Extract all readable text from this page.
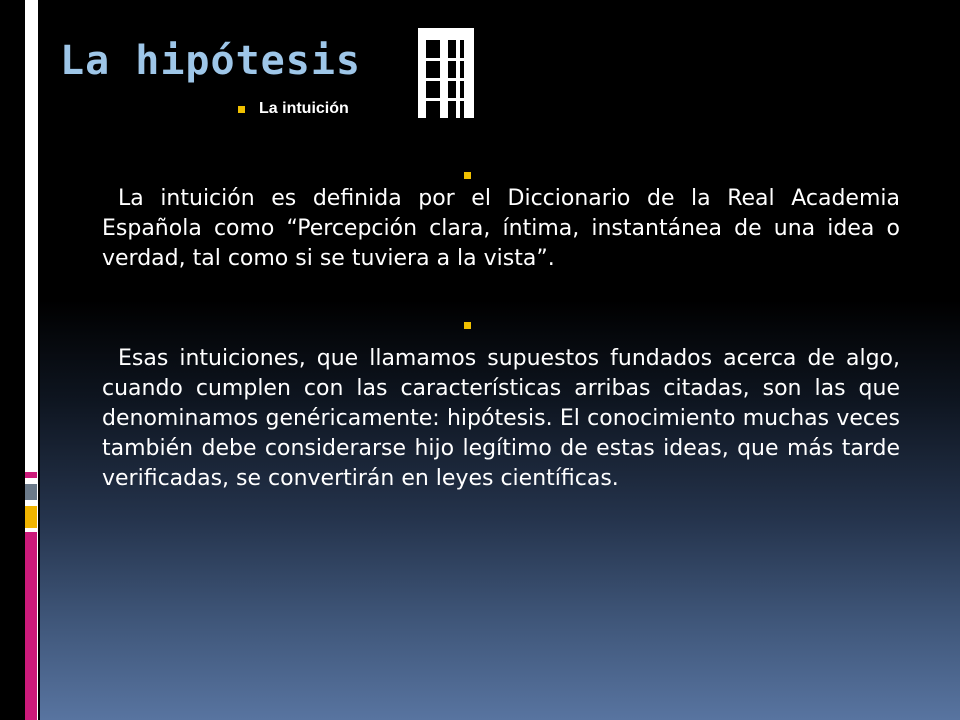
La hipótesis
La intuición

La intuición es definida por el Diccionario de la Real Academia Española como “Percepción clara, íntima, instantánea de una idea o verdad, tal como si se tuviera a la vista”.

Esas intuiciones, que llamamos supuestos fundados acerca de algo, cuando cumplen con las características arribas citadas, son las que denominamos genéricamente: hipótesis. El conocimiento muchas veces también debe considerarse hijo legítimo de estas ideas, que más tarde verificadas, se convertirán en leyes científicas.
